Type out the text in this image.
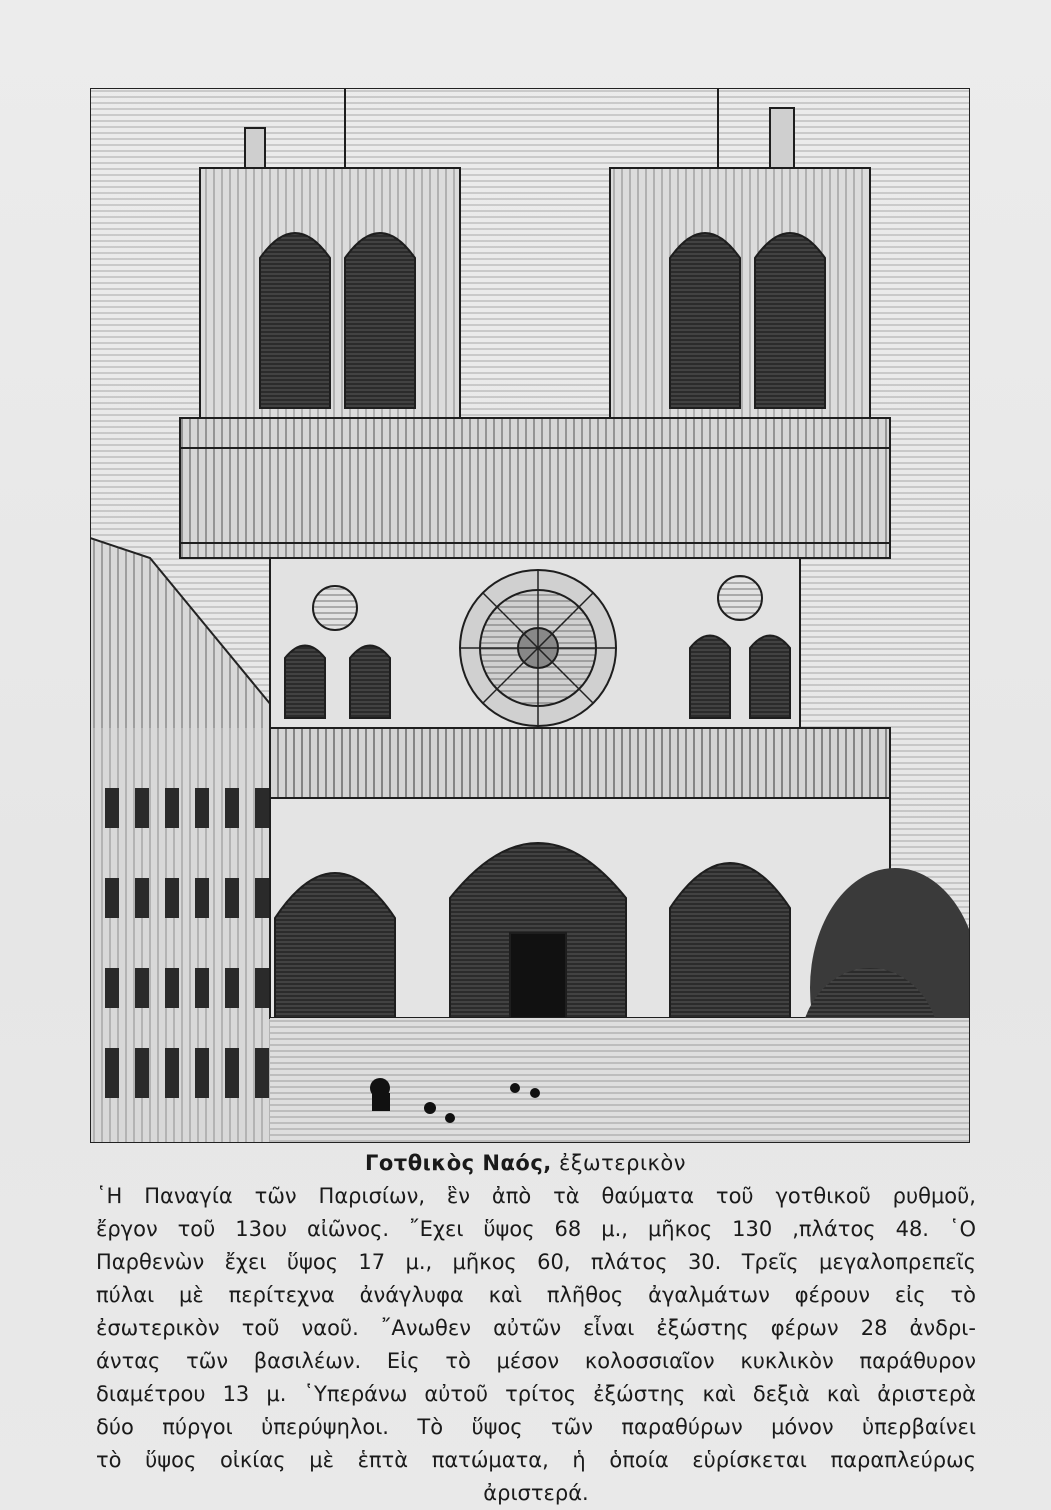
Γοτθικὸς Ναός, ἐξωτερικὸν
῾Η Παναγία τῶν Παρισίων, ἓν ἀπὸ τὰ θαύματα τοῦ γοτθικοῦ ρυθμοῦ,
ἔργον τοῦ 13ου αἰῶνος. ῎Εχει ὕψος 68 μ., μῆκος 130 ,πλάτος 48. ῾Ο
Παρθενὼν ἔχει ὕψος 17 μ., μῆκος 60, πλάτος 30. Τρεῖς μεγαλοπρεπεῖς
πύλαι μὲ περίτεχνα ἀνάγλυφα καὶ πλῆθος ἀγαλμάτων φέρουν εἰς τὸ
ἐσωτερικὸν τοῦ ναοῦ. ῎Ανωθεν αὐτῶν εἶναι ἐξώστης φέρων 28 ἀνδρι-
άντας τῶν βασιλέων. Εἰς τὸ μέσον κολοσσιαῖον κυκλικὸν παράθυρον
διαμέτρου 13 μ. ῾Υπεράνω αὐτοῦ τρίτος ἐξώστης καὶ δεξιὰ καὶ ἀριστερὰ
δύο πύργοι ὑπερύψηλοι. Τὸ ὕψος τῶν παραθύρων μόνον ὑπερβαίνει
τὸ ὕψος οἰκίας μὲ ἑπτὰ πατώματα, ἡ ὁποία εὑρίσκεται παραπλεύρως
ἀριστερά.
